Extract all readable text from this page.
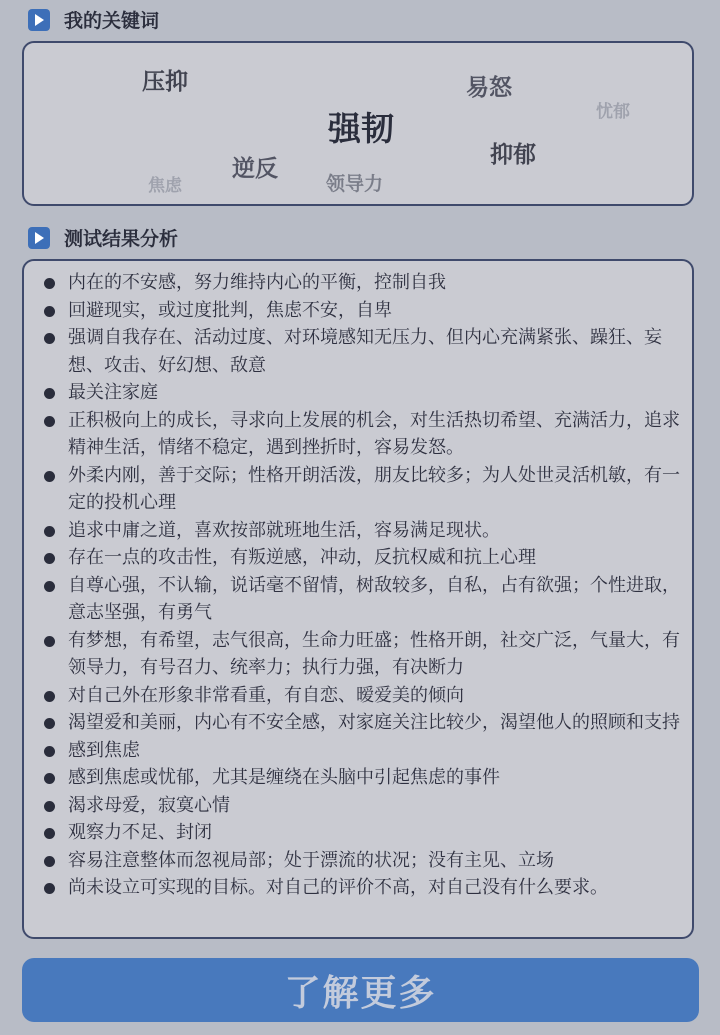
我的关键词
压抑	易怒
忧郁
强韧
抑郁
逆反
焦虑	领导力
测试结果分析
内在的不安感，努力维持内心的平衡，控制自我
回避现实，或过度批判，焦虑不安，自卑
强调自我存在、活动过度、对环境感知无压力、但内心充满紧张、躁狂、妄想、攻击、好幻想、敌意
最关注家庭
正积极向上的成长，寻求向上发展的机会，对生活热切希望、充满活力，追求精神生活，情绪不稳定，遇到挫折时，容易发怒。
外柔内刚，善于交际；性格开朗活泼，朋友比较多；为人处世灵活机敏，有一定的投机心理
追求中庸之道，喜欢按部就班地生活，容易满足现状。
存在一点的攻击性，有叛逆感，冲动，反抗权威和抗上心理
自尊心强，不认输，说话毫不留情，树敌较多，自私，占有欲强；个性进取，意志坚强，有勇气
有梦想，有希望，志气很高，生命力旺盛；性格开朗，社交广泛，气量大，有领导力，有号召力、统率力；执行力强，有决断力
对自己外在形象非常看重，有自恋、暧爱美的倾向
渴望爱和美丽，内心有不安全感，对家庭关注比较少，渴望他人的照顾和支持
感到焦虑
感到焦虑或忧郁，尤其是缠绕在头脑中引起焦虑的事件
渴求母爱，寂寞心情
观察力不足、封闭
容易注意整体而忽视局部；处于漂流的状况；没有主见、立场
尚未设立可实现的目标。对自己的评价不高，对自己没有什么要求。
了解更多
